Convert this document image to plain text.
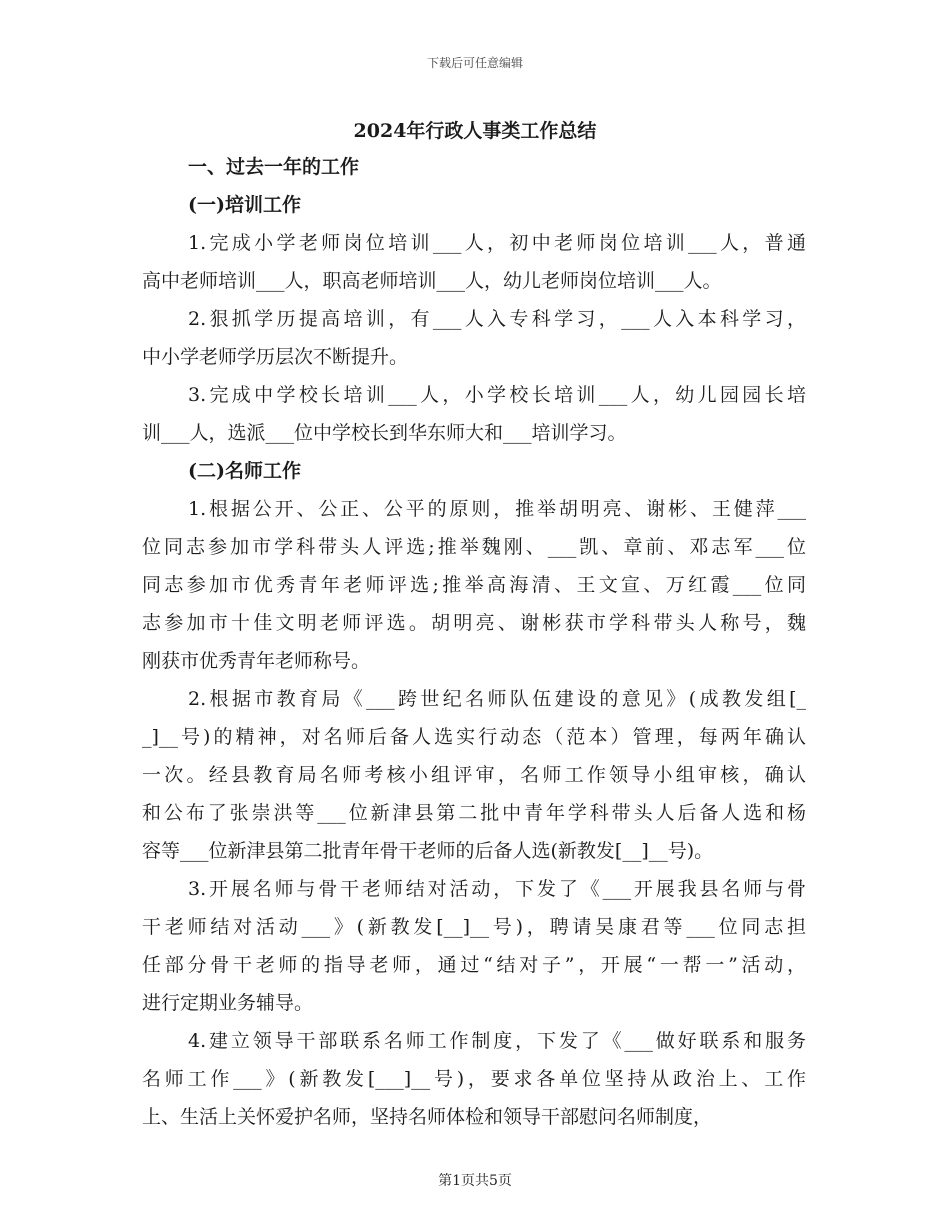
下载后可任意编辑
2024年行政人事类工作总结
一、过去一年的工作
(一)培训工作
1.完成小学老师岗位培训___人，初中老师岗位培训___人，普通
高中老师培训___人，职高老师培训___人，幼儿老师岗位培训___人。
2.狠抓学历提高培训，有___人入专科学习，___人入本科学习，
中小学老师学历层次不断提升。
3.完成中学校长培训___人，小学校长培训___人，幼儿园园长培
训___人，选派___位中学校长到华东师大和___培训学习。
(二)名师工作
1.根据公开、公正、公平的原则，推举胡明亮、谢彬、王健萍___
位同志参加市学科带头人评选;推举魏刚、___凯、章前、邓志军___位
同志参加市优秀青年老师评选;推举高海清、王文宣、万红霞___位同
志参加市十佳文明老师评选。胡明亮、谢彬获市学科带头人称号，魏
刚获市优秀青年老师称号。
2.根据市教育局《___跨世纪名师队伍建设的意见》(成教发组[_
_]__号)的精神，对名师后备人选实行动态（范本）管理，每两年确认
一次。经县教育局名师考核小组评审，名师工作领导小组审核，确认
和公布了张崇洪等___位新津县第二批中青年学科带头人后备人选和杨
容等___位新津县第二批青年骨干老师的后备人选(新教发[__]__号)。
3.开展名师与骨干老师结对活动，下发了《___开展我县名师与骨
干老师结对活动___》(新教发[__]__号)，聘请吴康君等___位同志担
任部分骨干老师的指导老师，通过“结对子”，开展“一帮一”活动，
进行定期业务辅导。
4.建立领导干部联系名师工作制度，下发了《___做好联系和服务
名师工作___》(新教发[___]__号)，要求各单位坚持从政治上、工作
上、生活上关怀爱护名师，坚持名师体检和领导干部慰问名师制度，
第1页共5页
